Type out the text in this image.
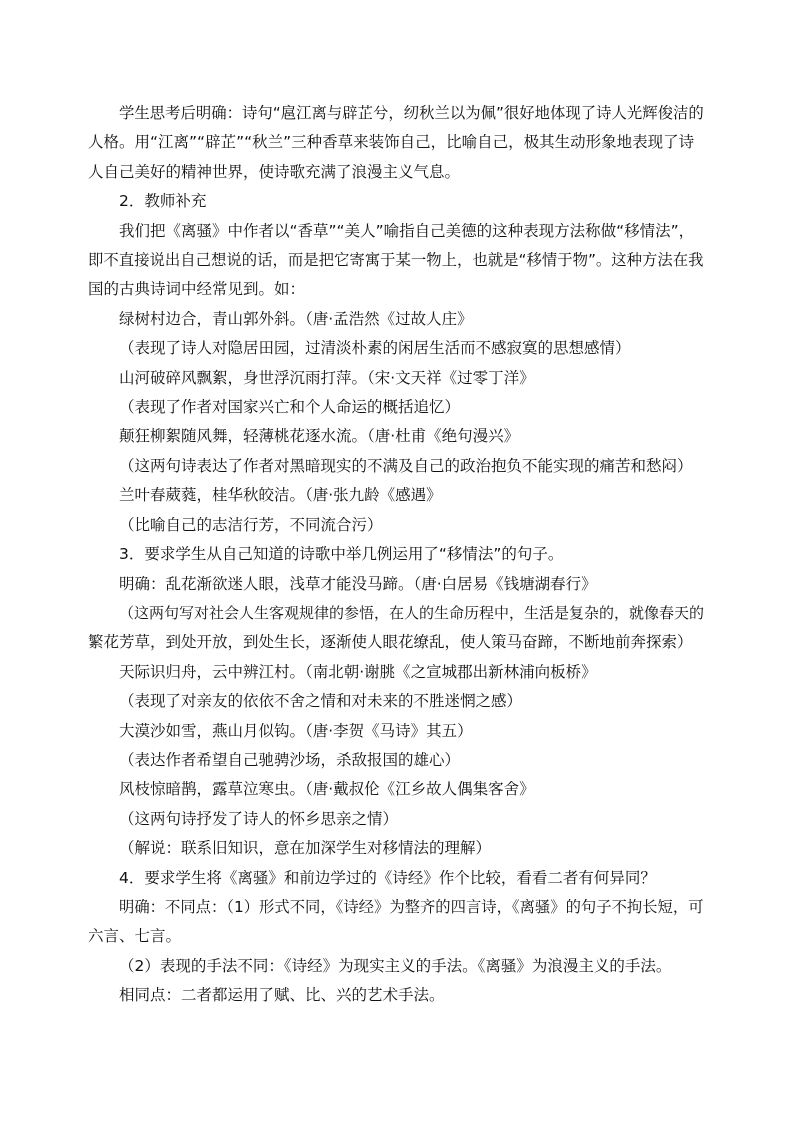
学生思考后明确：诗句“扈江离与辟芷兮，纫秋兰以为佩”很好地体现了诗人光辉俊洁的

人格。用“江离”“辟芷”“秋兰”三种香草来装饰自己，比喻自己，极其生动形象地表现了诗

人自己美好的精神世界，使诗歌充满了浪漫主义气息。

2．教师补充

我们把《离骚》中作者以“香草”“美人”喻指自己美德的这种表现方法称做“移情法”，

即不直接说出自己想说的话，而是把它寄寓于某一物上，也就是“移情于物”。这种方法在我

国的古典诗词中经常见到。如：

绿树村边合，青山郭外斜。（唐·孟浩然《过故人庄》

（表现了诗人对隐居田园，过清淡朴素的闲居生活而不感寂寞的思想感情）

山河破碎风飘絮，身世浮沉雨打萍。（宋·文天祥《过零丁洋》

（表现了作者对国家兴亡和个人命运的概括追忆）

颠狂柳絮随风舞，轻薄桃花逐水流。（唐·杜甫《绝句漫兴》

（这两句诗表达了作者对黑暗现实的不满及自己的政治抱负不能实现的痛苦和愁闷）

兰叶春葳蕤，桂华秋皎洁。（唐·张九龄《感遇》

（比喻自己的志洁行芳，不同流合污）

3．要求学生从自己知道的诗歌中举几例运用了“移情法”的句子。

明确：乱花渐欲迷人眼，浅草才能没马蹄。（唐·白居易《钱塘湖春行》

（这两句写对社会人生客观规律的参悟，在人的生命历程中，生活是复杂的，就像春天的

繁花芳草，到处开放，到处生长，逐渐使人眼花缭乱，使人策马奋蹄，不断地前奔探索）

天际识归舟，云中辨江村。（南北朝·谢朓《之宣城郡出新林浦向板桥》

（表现了对亲友的依依不舍之情和对未来的不胜迷惘之感）

大漠沙如雪，燕山月似钩。（唐·李贺《马诗》其五）

（表达作者希望自己驰骋沙场，杀敌报国的雄心）

风枝惊暗鹊，露草泣寒虫。（唐·戴叔伦《江乡故人偶集客舍》

（这两句诗抒发了诗人的怀乡思亲之情）

（解说：联系旧知识，意在加深学生对移情法的理解）

4．要求学生将《离骚》和前边学过的《诗经》作个比较，看看二者有何异同？

明确：不同点：（1）形式不同，《诗经》为整齐的四言诗，《离骚》的句子不拘长短，可

六言、七言。

（2）表现的手法不同：《诗经》为现实主义的手法。《离骚》为浪漫主义的手法。

相同点：二者都运用了赋、比、兴的艺术手法。
